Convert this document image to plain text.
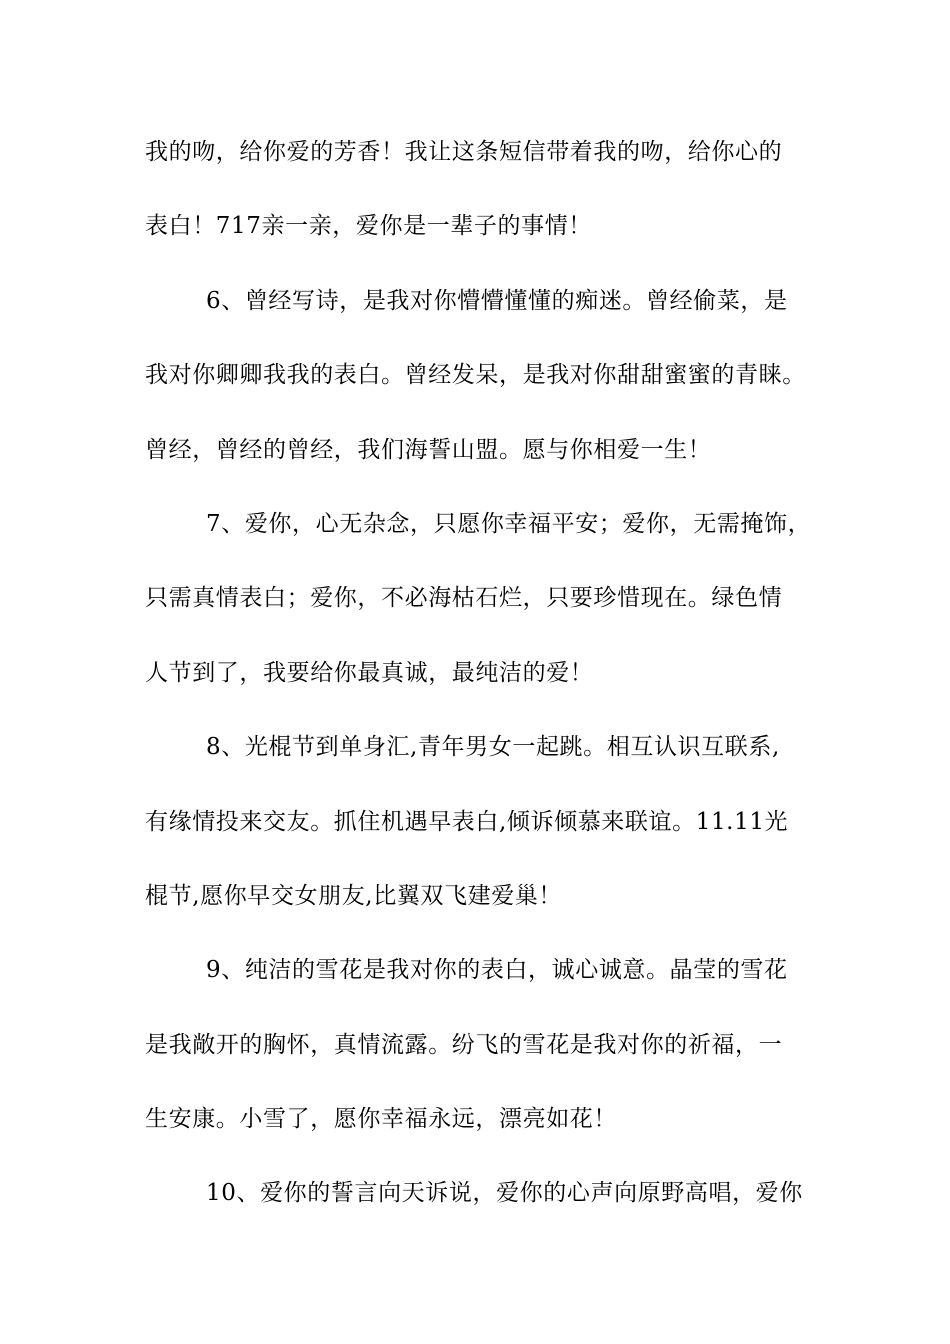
我的吻，给你爱的芳香！我让这条短信带着我的吻，给你心的
表白！717亲一亲，爱你是一辈子的事情！
6、曾经写诗，是我对你懵懵懂懂的痴迷。曾经偷菜，是
我对你卿卿我我的表白。曾经发呆，是我对你甜甜蜜蜜的青睐。
曾经，曾经的曾经，我们海誓山盟。愿与你相爱一生！
7、爱你，心无杂念，只愿你幸福平安；爱你，无需掩饰，
只需真情表白；爱你，不必海枯石烂，只要珍惜现在。绿色情
人节到了，我要给你最真诚，最纯洁的爱！
8、光棍节到单身汇,青年男女一起跳。相互认识互联系,
有缘情投来交友。抓住机遇早表白,倾诉倾慕来联谊。11.11光
棍节,愿你早交女朋友,比翼双飞建爱巢！
9、纯洁的雪花是我对你的表白，诚心诚意。晶莹的雪花
是我敞开的胸怀，真情流露。纷飞的雪花是我对你的祈福，一
生安康。小雪了，愿你幸福永远，漂亮如花！
10、爱你的誓言向天诉说，爱你的心声向原野高唱，爱你
